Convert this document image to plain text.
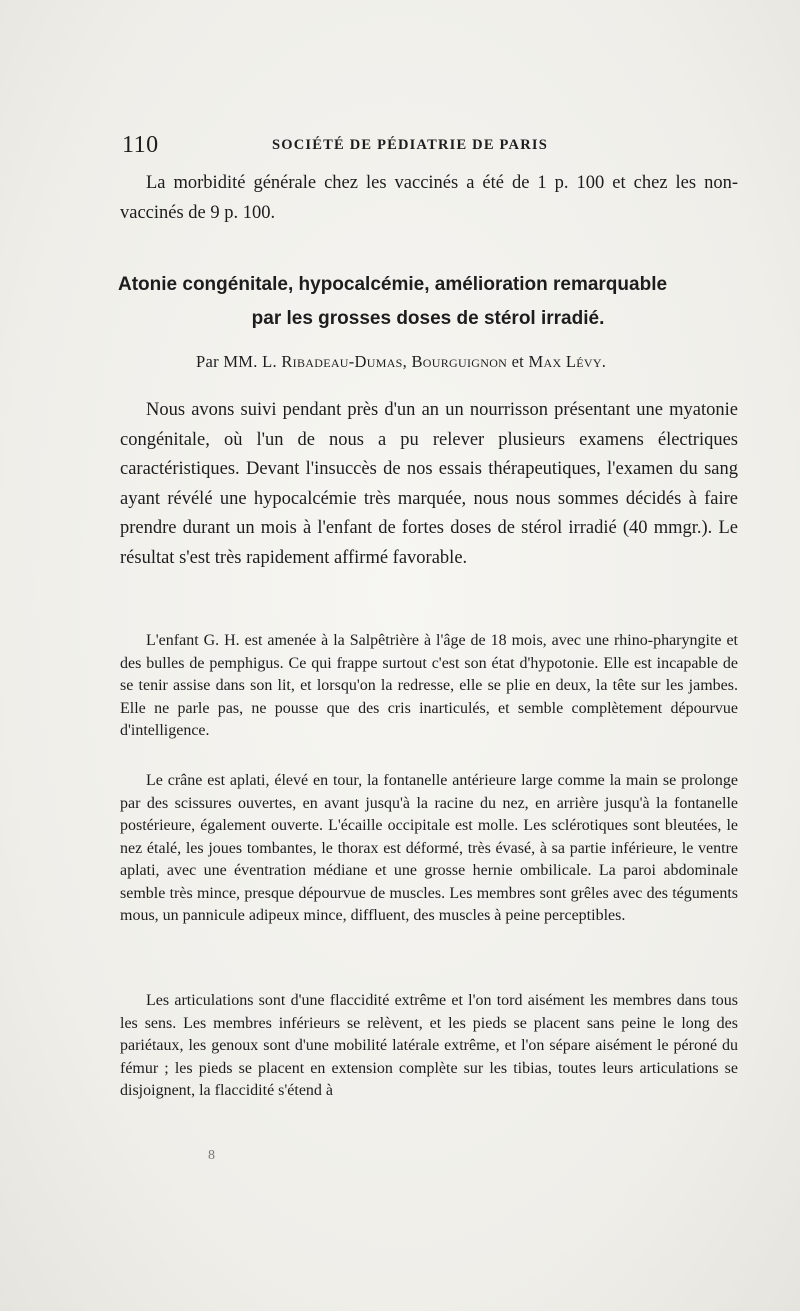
110	SOCIÉTÉ DE PÉDIATRIE DE PARIS
La morbidité générale chez les vaccinés a été de 1 p. 100 et chez les non-vaccinés de 9 p. 100.
Atonie congénitale, hypocalcémie, amélioration remarquable
par les grosses doses de stérol irradié.
Par MM. L. Ribadeau-Dumas, Bourguignon et Max Lévy.
Nous avons suivi pendant près d'un an un nourrisson présentant une myatonie congénitale, où l'un de nous a pu relever plusieurs examens électriques caractéristiques. Devant l'insuccès de nos essais thérapeutiques, l'examen du sang ayant révélé une hypocalcémie très marquée, nous nous sommes décidés à faire prendre durant un mois à l'enfant de fortes doses de stérol irradié (40 mmgr.). Le résultat s'est très rapidement affirmé favorable.
L'enfant G. H. est amenée à la Salpêtrière à l'âge de 18 mois, avec une rhino-pharyngite et des bulles de pemphigus. Ce qui frappe surtout c'est son état d'hypotonie. Elle est incapable de se tenir assise dans son lit, et lorsqu'on la redresse, elle se plie en deux, la tête sur les jambes. Elle ne parle pas, ne pousse que des cris inarticulés, et semble complètement dépourvue d'intelligence.
Le crâne est aplati, élevé en tour, la fontanelle antérieure large comme la main se prolonge par des scissures ouvertes, en avant jusqu'à la racine du nez, en arrière jusqu'à la fontanelle postérieure, également ouverte. L'écaille occipitale est molle. Les sclérotiques sont bleutées, le nez étalé, les joues tombantes, le thorax est déformé, très évasé, à sa partie inférieure, le ventre aplati, avec une éventration médiane et une grosse hernie ombilicale. La paroi abdominale semble très mince, presque dépourvue de muscles. Les membres sont grêles avec des téguments mous, un pannicule adipeux mince, diffluent, des muscles à peine perceptibles.
Les articulations sont d'une flaccidité extrême et l'on tord aisément les membres dans tous les sens. Les membres inférieurs se relèvent, et les pieds se placent sans peine le long des pariétaux, les genoux sont d'une mobilité latérale extrême, et l'on sépare aisément le péroné du fémur ; les pieds se placent en extension complète sur les tibias, toutes leurs articulations se disjoignent, la flaccidité s'étend à
8
